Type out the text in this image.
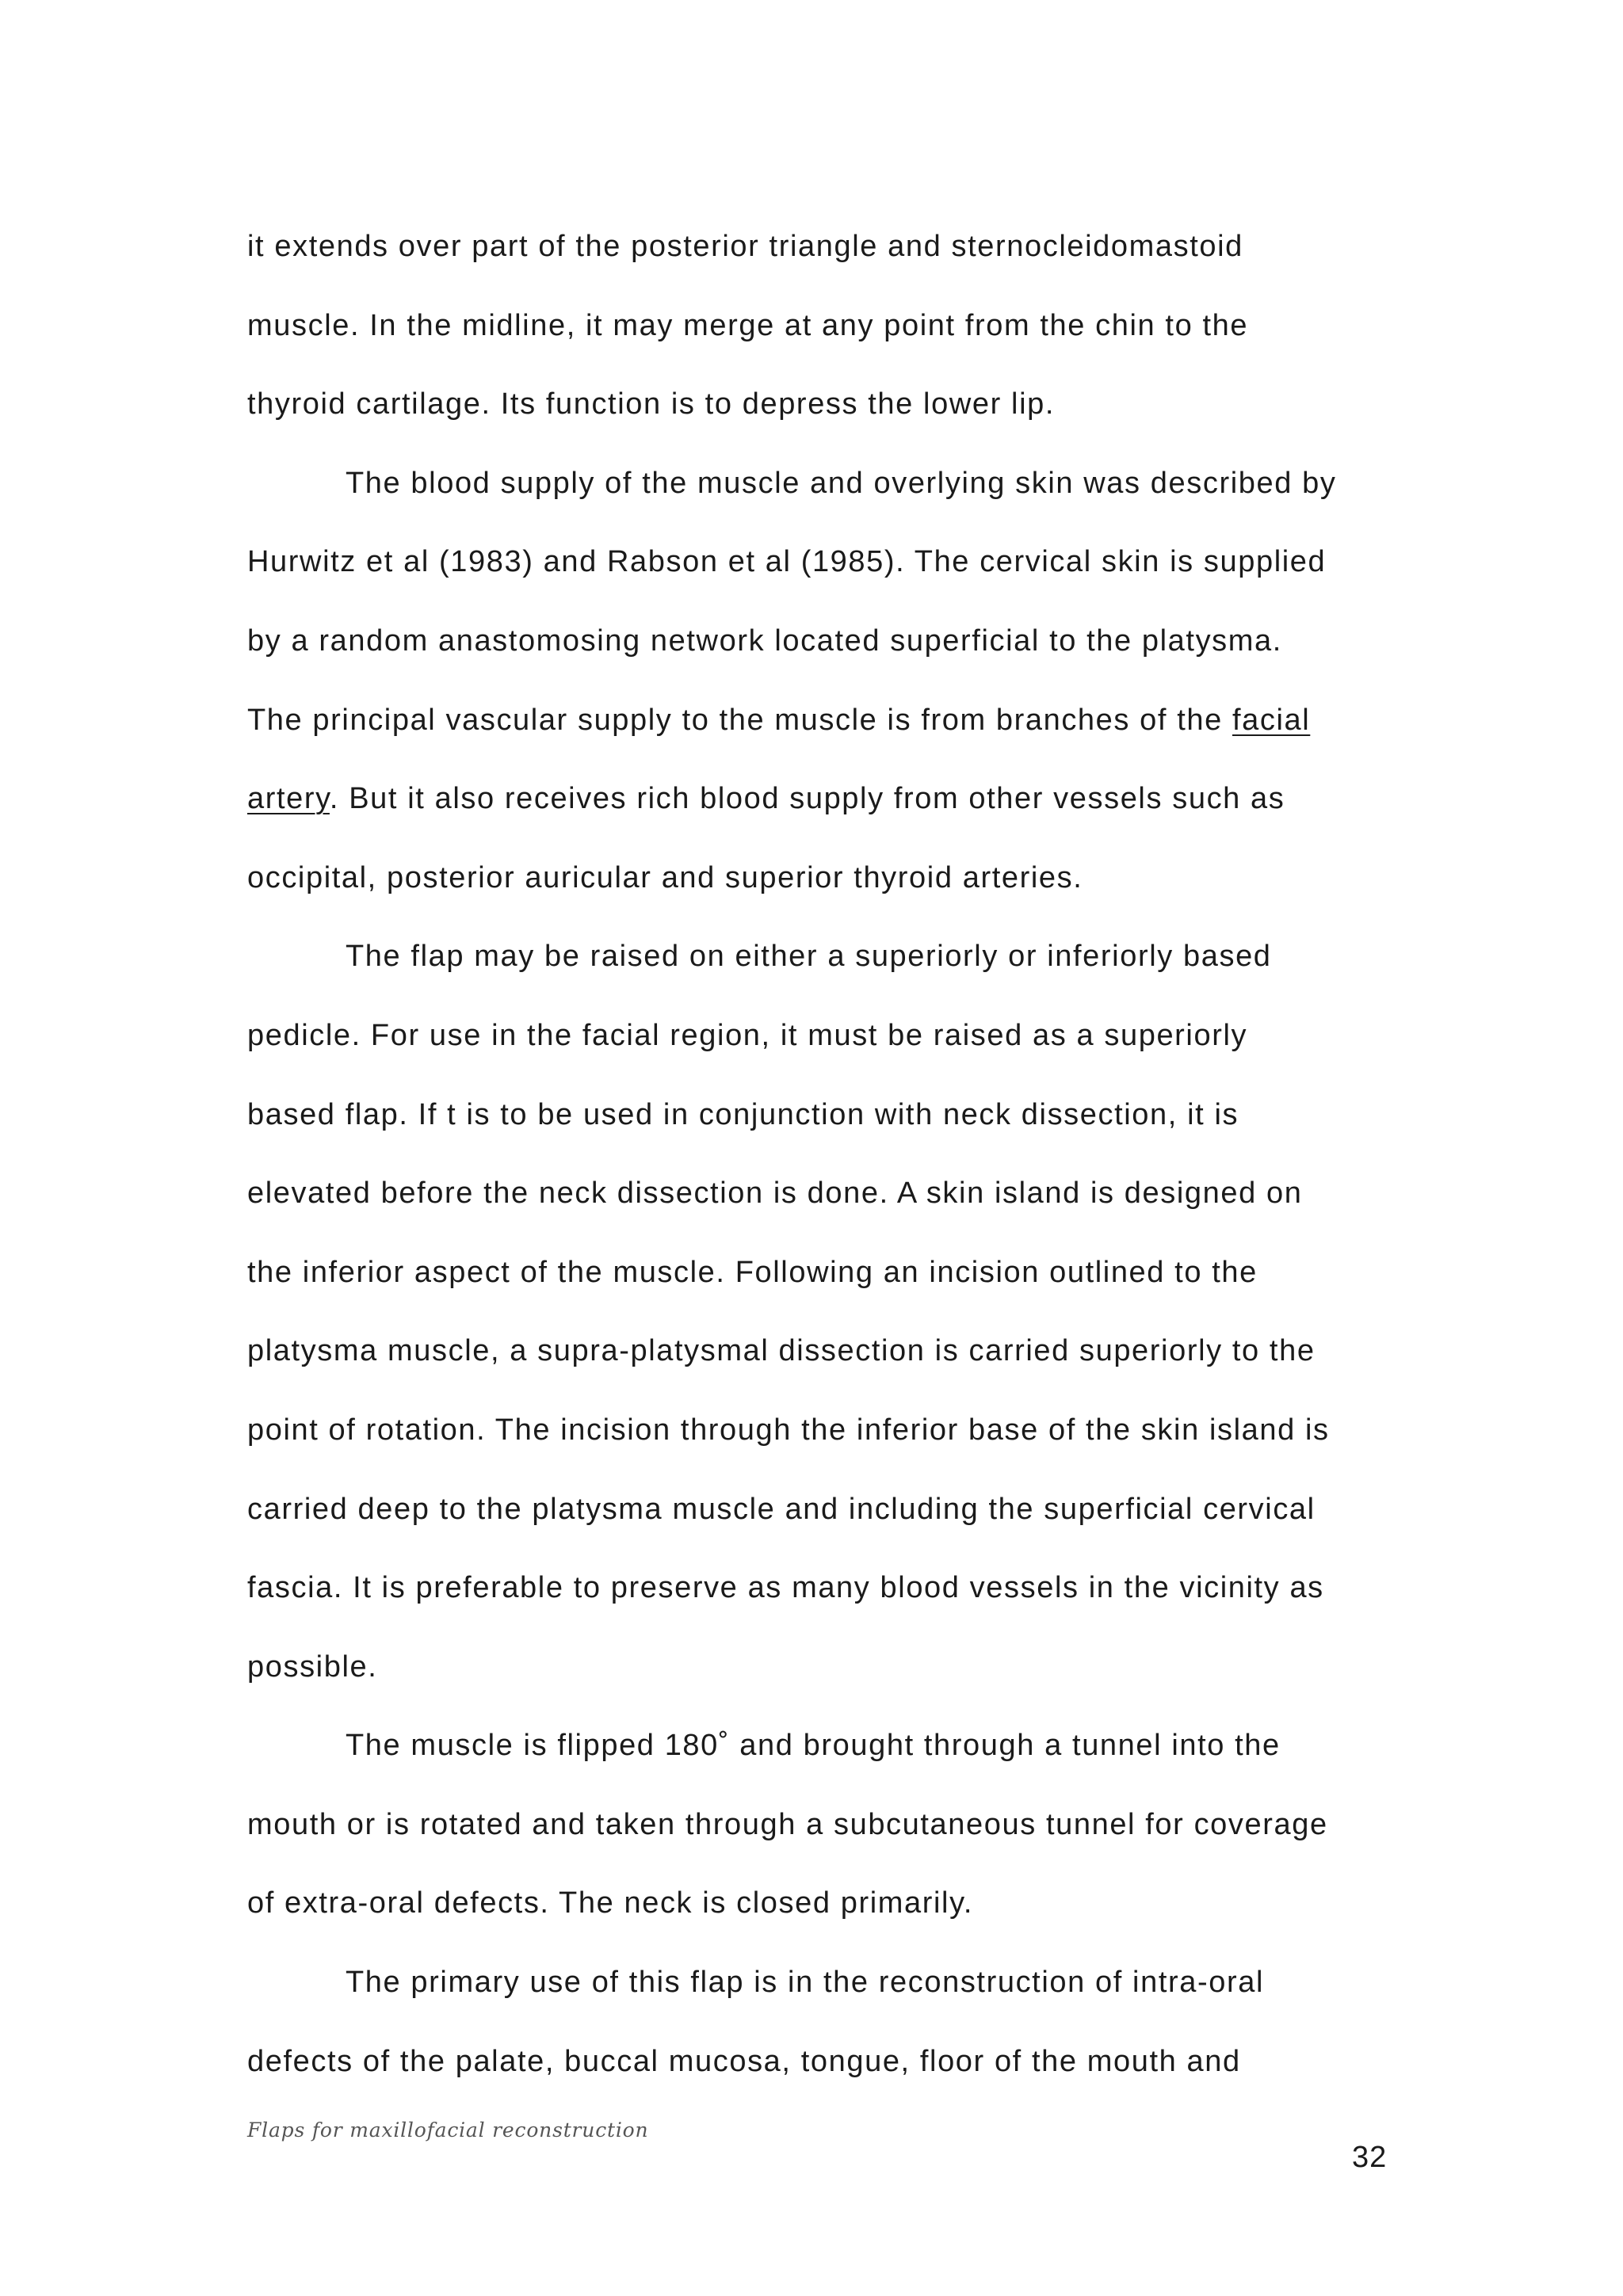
it extends over part of the posterior triangle and sternocleidomastoid
muscle. In the midline, it may merge at any point from the chin to the
thyroid cartilage. Its function is to depress the lower lip.
The blood supply of the muscle and overlying skin was described by
Hurwitz et al (1983) and Rabson et al (1985). The cervical skin is supplied
by a random anastomosing network located superficial to the platysma.
The principal vascular supply to the muscle is from branches of the facial
artery. But it also receives rich blood supply from other vessels such as
occipital, posterior auricular and superior thyroid arteries.
The flap may be raised on either a superiorly or inferiorly based
pedicle. For use in the facial region, it must be raised as a superiorly
based flap. If t is to be used in conjunction with neck dissection, it is
elevated before the neck dissection is done. A skin island is designed on
the inferior aspect of the muscle. Following an incision outlined to the
platysma muscle, a supra-platysmal dissection is carried superiorly to the
point of rotation. The incision through the inferior base of the skin island is
carried deep to the platysma muscle and including the superficial cervical
fascia. It is preferable to preserve as many blood vessels in the vicinity as
possible.
The muscle is flipped 180˚ and brought through a tunnel into the
mouth or is rotated and taken through a subcutaneous tunnel for coverage
of extra-oral defects. The neck is closed primarily.
The primary use of this flap is in the reconstruction of intra-oral
defects of the palate, buccal mucosa, tongue, floor of the mouth and
Flaps for maxillofacial reconstruction
32
